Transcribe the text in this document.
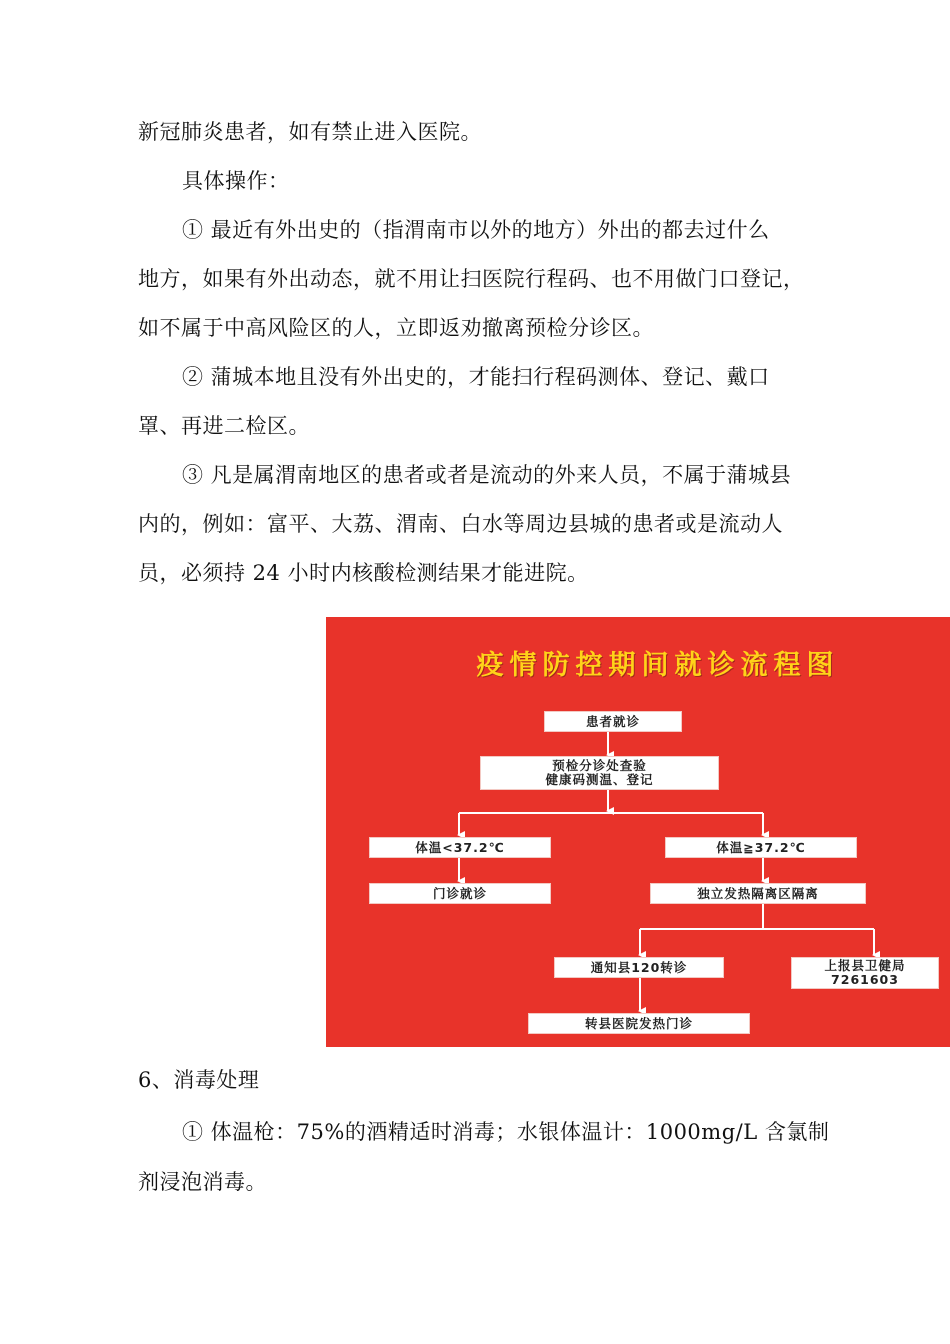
新冠肺炎患者，如有禁止进入医院。
具体操作：
① 最近有外出史的（指渭南市以外的地方）外出的都去过什么
地方，如果有外出动态，就不用让扫医院行程码、也不用做门口登记，
如不属于中高风险区的人，立即返劝撤离预检分诊区。
② 蒲城本地且没有外出史的，才能扫行程码测体、登记、戴口
罩、再进二检区。
③ 凡是属渭南地区的患者或者是流动的外来人员，不属于蒲城县
内的，例如：富平、大荔、渭南、白水等周边县城的患者或是流动人
员，必须持 24 小时内核酸检测结果才能进院。
疫情防控期间就诊流程图
患者就诊
预检分诊处查验
健康码测温、登记
体温<37.2℃	体温≧37.2℃
门诊就诊	独立发热隔离区隔离
通知县120转诊	上报县卫健局
7261603
转县医院发热门诊
6、消毒处理
① 体温枪：75%的酒精适时消毒；水银体温计：1000mg/L 含氯制
剂浸泡消毒。
